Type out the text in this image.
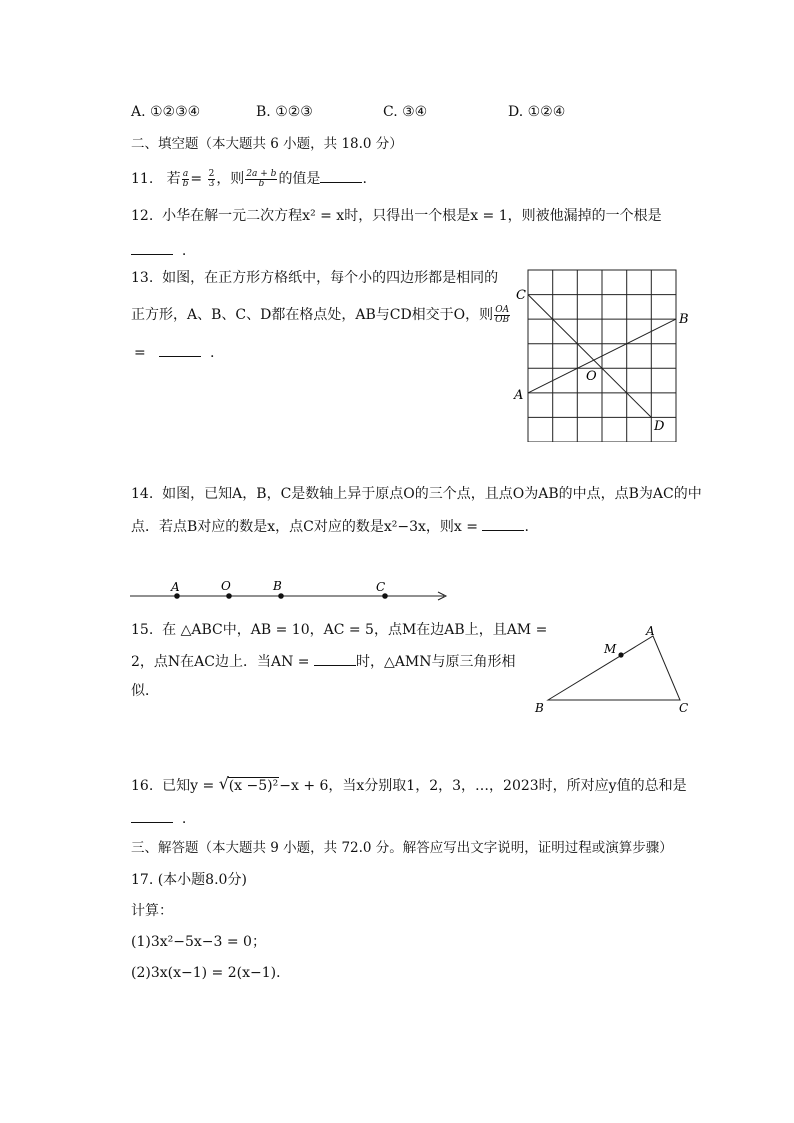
A. ①②③④	B. ①②③	C. ③④	D. ①②④
二、填空题（本大题共 6 小题，共 18.0 分）
11. 若 $\frac{a}{b} = \frac{2}{3}$ ，则 $\frac{2a + b}{b}$ 的值是	.
12. 小华在解一元二次方程x² = x时，只得出一个根是x = 1，则被他漏掉的一个根是
.
13. 如图，在正方形方格纸中，每个小的四边形都是相同的
正方形，A、B、C、D都在格点处，AB与CD相交于O，则 $\frac{OA}{OB}$
=	.
C
B
A
D
O
14. 如图，已知A，B，C是数轴上异于原点O的三个点，且点O为AB的中点，点B为AC的中
点．若点B对应的数是x，点C对应的数是x²−3x，则x =	.
A	O	B	C
15. 在 △ABC中，AB = 10，AC = 5，点M在边AB上，且AM =
2，点N在AC边上．当AN =	时，△AMN与原三角形相
似．
A
B	C
M
16. 已知y = √ (x −5)²−x + 6，当x分别取1，2，3，…，2023时，所对应y值的总和是
.
三、解答题（本大题共 9 小题，共 72.0 分。解答应写出文字说明，证明过程或演算步骤）
17. (本小题8.0分)
计算：
(1)3x²−5x−3 = 0；
(2)3x(x−1) = 2(x−1)．
